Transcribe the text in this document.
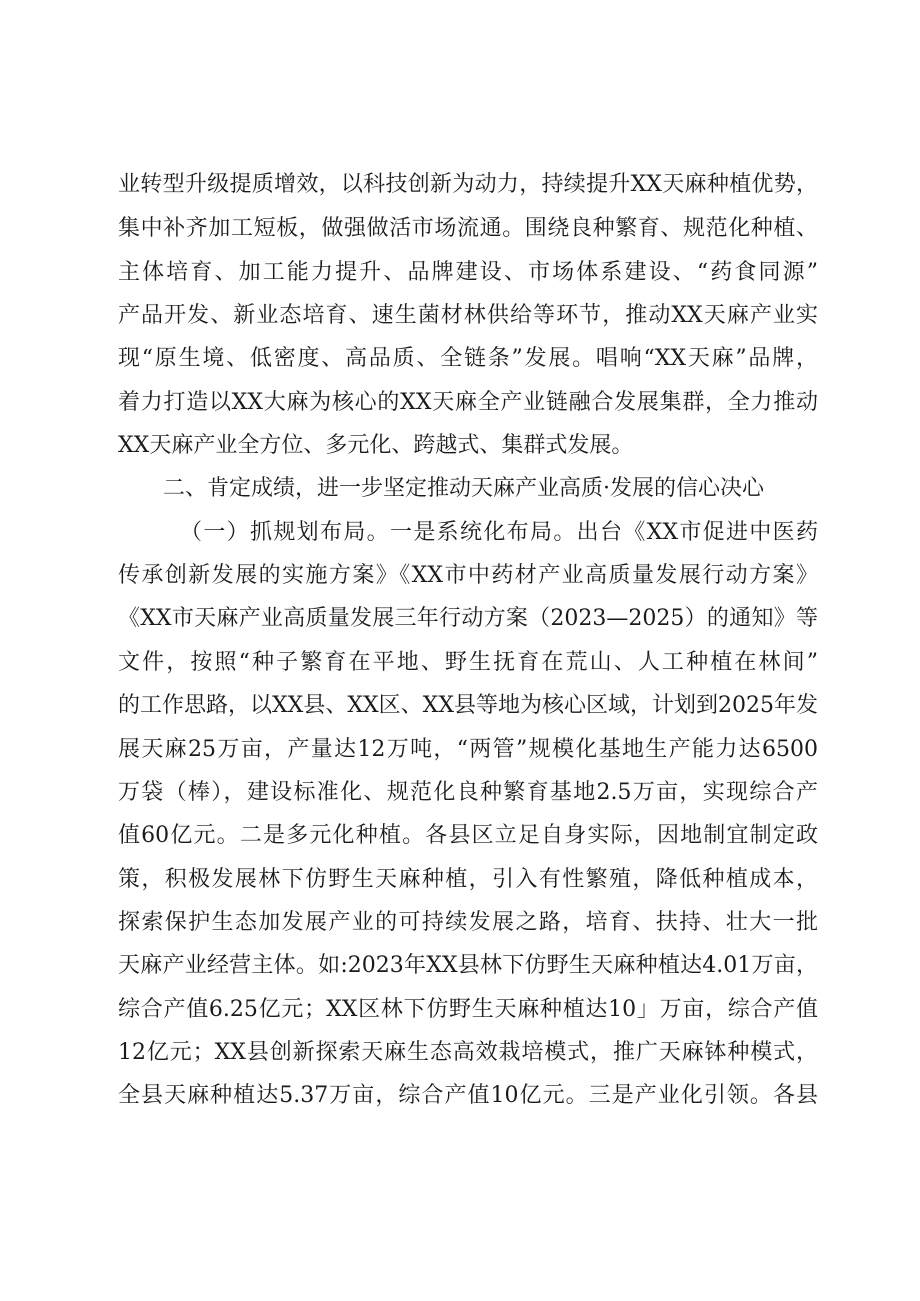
业转型升级提质增效，以科技创新为动力，持续提升XX天麻种植优势，
集中补齐加工短板，做强做活市场流通。围绕良种繁育、规范化种植、
主体培育、加工能力提升、品牌建设、市场体系建设、“药食同源”
产品开发、新业态培育、速生菌材林供给等环节，推动XX天麻产业实
现“原生境、低密度、高品质、全链条”发展。唱响“XX天麻”品牌，
着力打造以XX大麻为核心的XX天麻全产业链融合发展集群，全力推动
XX天麻产业全方位、多元化、跨越式、集群式发展。
二、肯定成绩，进一步坚定推动天麻产业高质·发展的信心决心
（一）抓规划布局。一是系统化布局。出台《XX市促进中医药
传承创新发展的实施方案》《XX市中药材产业高质量发展行动方案》
《XX市天麻产业高质量发展三年行动方案（2023—2025）的通知》等
文件，按照“种子繁育在平地、野生抚育在荒山、人工种植在林间”
的工作思路，以XX县、XX区、XX县等地为核心区域，计划到2025年发
展天麻25万亩，产量达12万吨，“两管”规模化基地生产能力达6500
万袋（棒），建设标准化、规范化良种繁育基地2.5万亩，实现综合产
值60亿元。二是多元化种植。各县区立足自身实际，因地制宜制定政
策，积极发展林下仿野生天麻种植，引入有性繁殖，降低种植成本，
探索保护生态加发展产业的可持续发展之路，培育、扶持、壮大一批
天麻产业经营主体。如:2023年XX县林下仿野生天麻种植达4.01万亩，
综合产值6.25亿元；XX区林下仿野生天麻种植达10」万亩，综合产值
12亿元；XX县创新探索天麻生态高效栽培模式，推广天麻钵种模式，
全县天麻种植达5.37万亩，综合产值10亿元。三是产业化引领。各县
